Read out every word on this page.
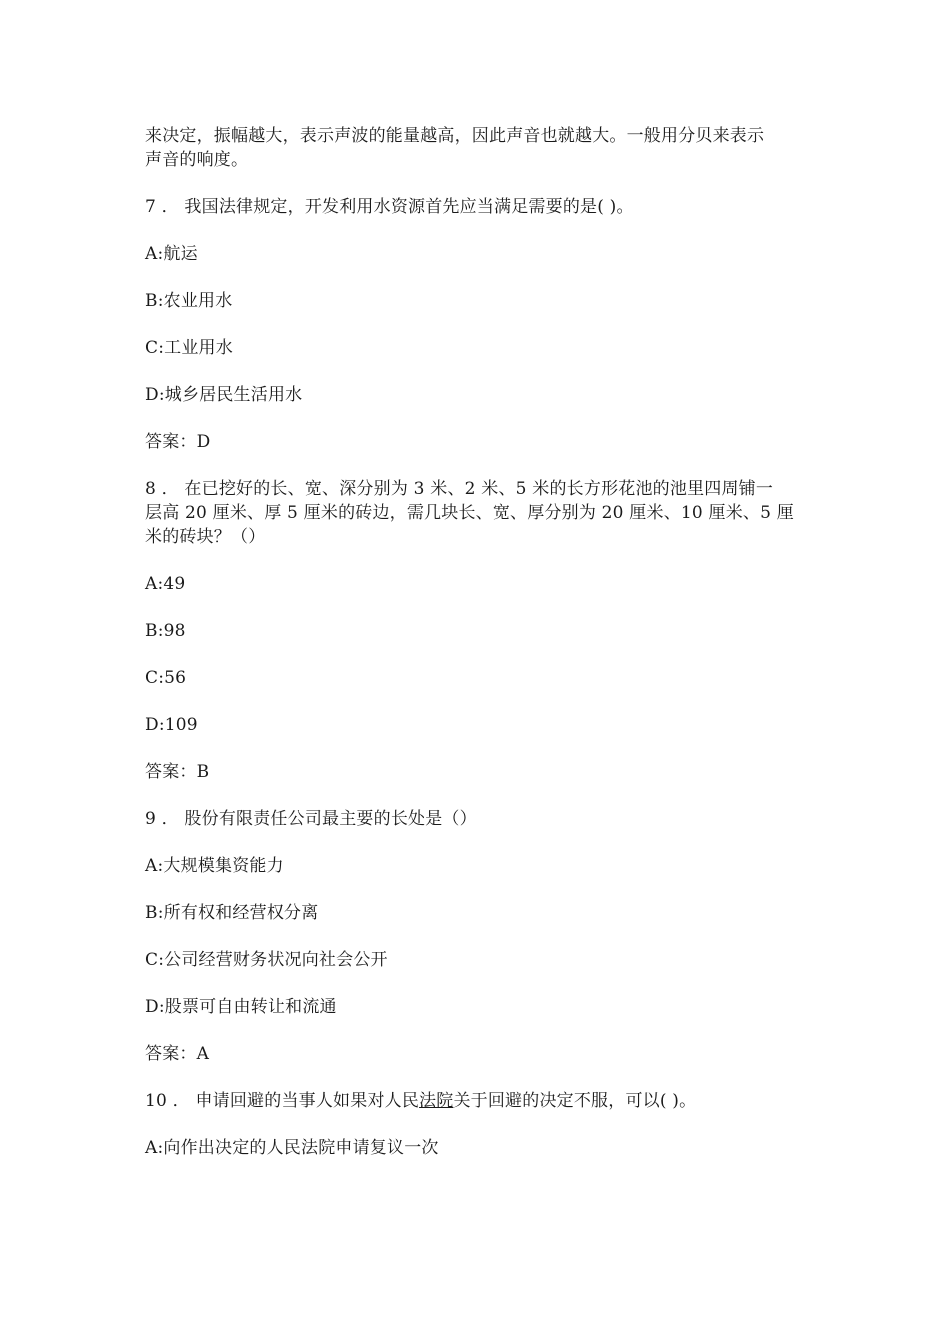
来决定，振幅越大，表示声波的能量越高，因此声音也就越大。一般用分贝来表示
声音的响度。
7 ． 我国法律规定，开发利用水资源首先应当满足需要的是( )。
A:航运
B:农业用水
C:工业用水
D:城乡居民生活用水
答案：D
8 ． 在已挖好的长、宽、深分别为 3 米、2 米、5 米的长方形花池的池里四周铺一
层高 20 厘米、厚 5 厘米的砖边，需几块长、宽、厚分别为 20 厘米、10 厘米、5 厘
米的砖块？（）
A:49
B:98
C:56
D:109
答案：B
9 ． 股份有限责任公司最主要的长处是（）
A:大规模集资能力
B:所有权和经营权分离
C:公司经营财务状况向社会公开
D:股票可自由转让和流通
答案：A
10 ． 申请回避的当事人如果对人民法院关于回避的决定不服，可以( )。
A:向作出决定的人民法院申请复议一次
